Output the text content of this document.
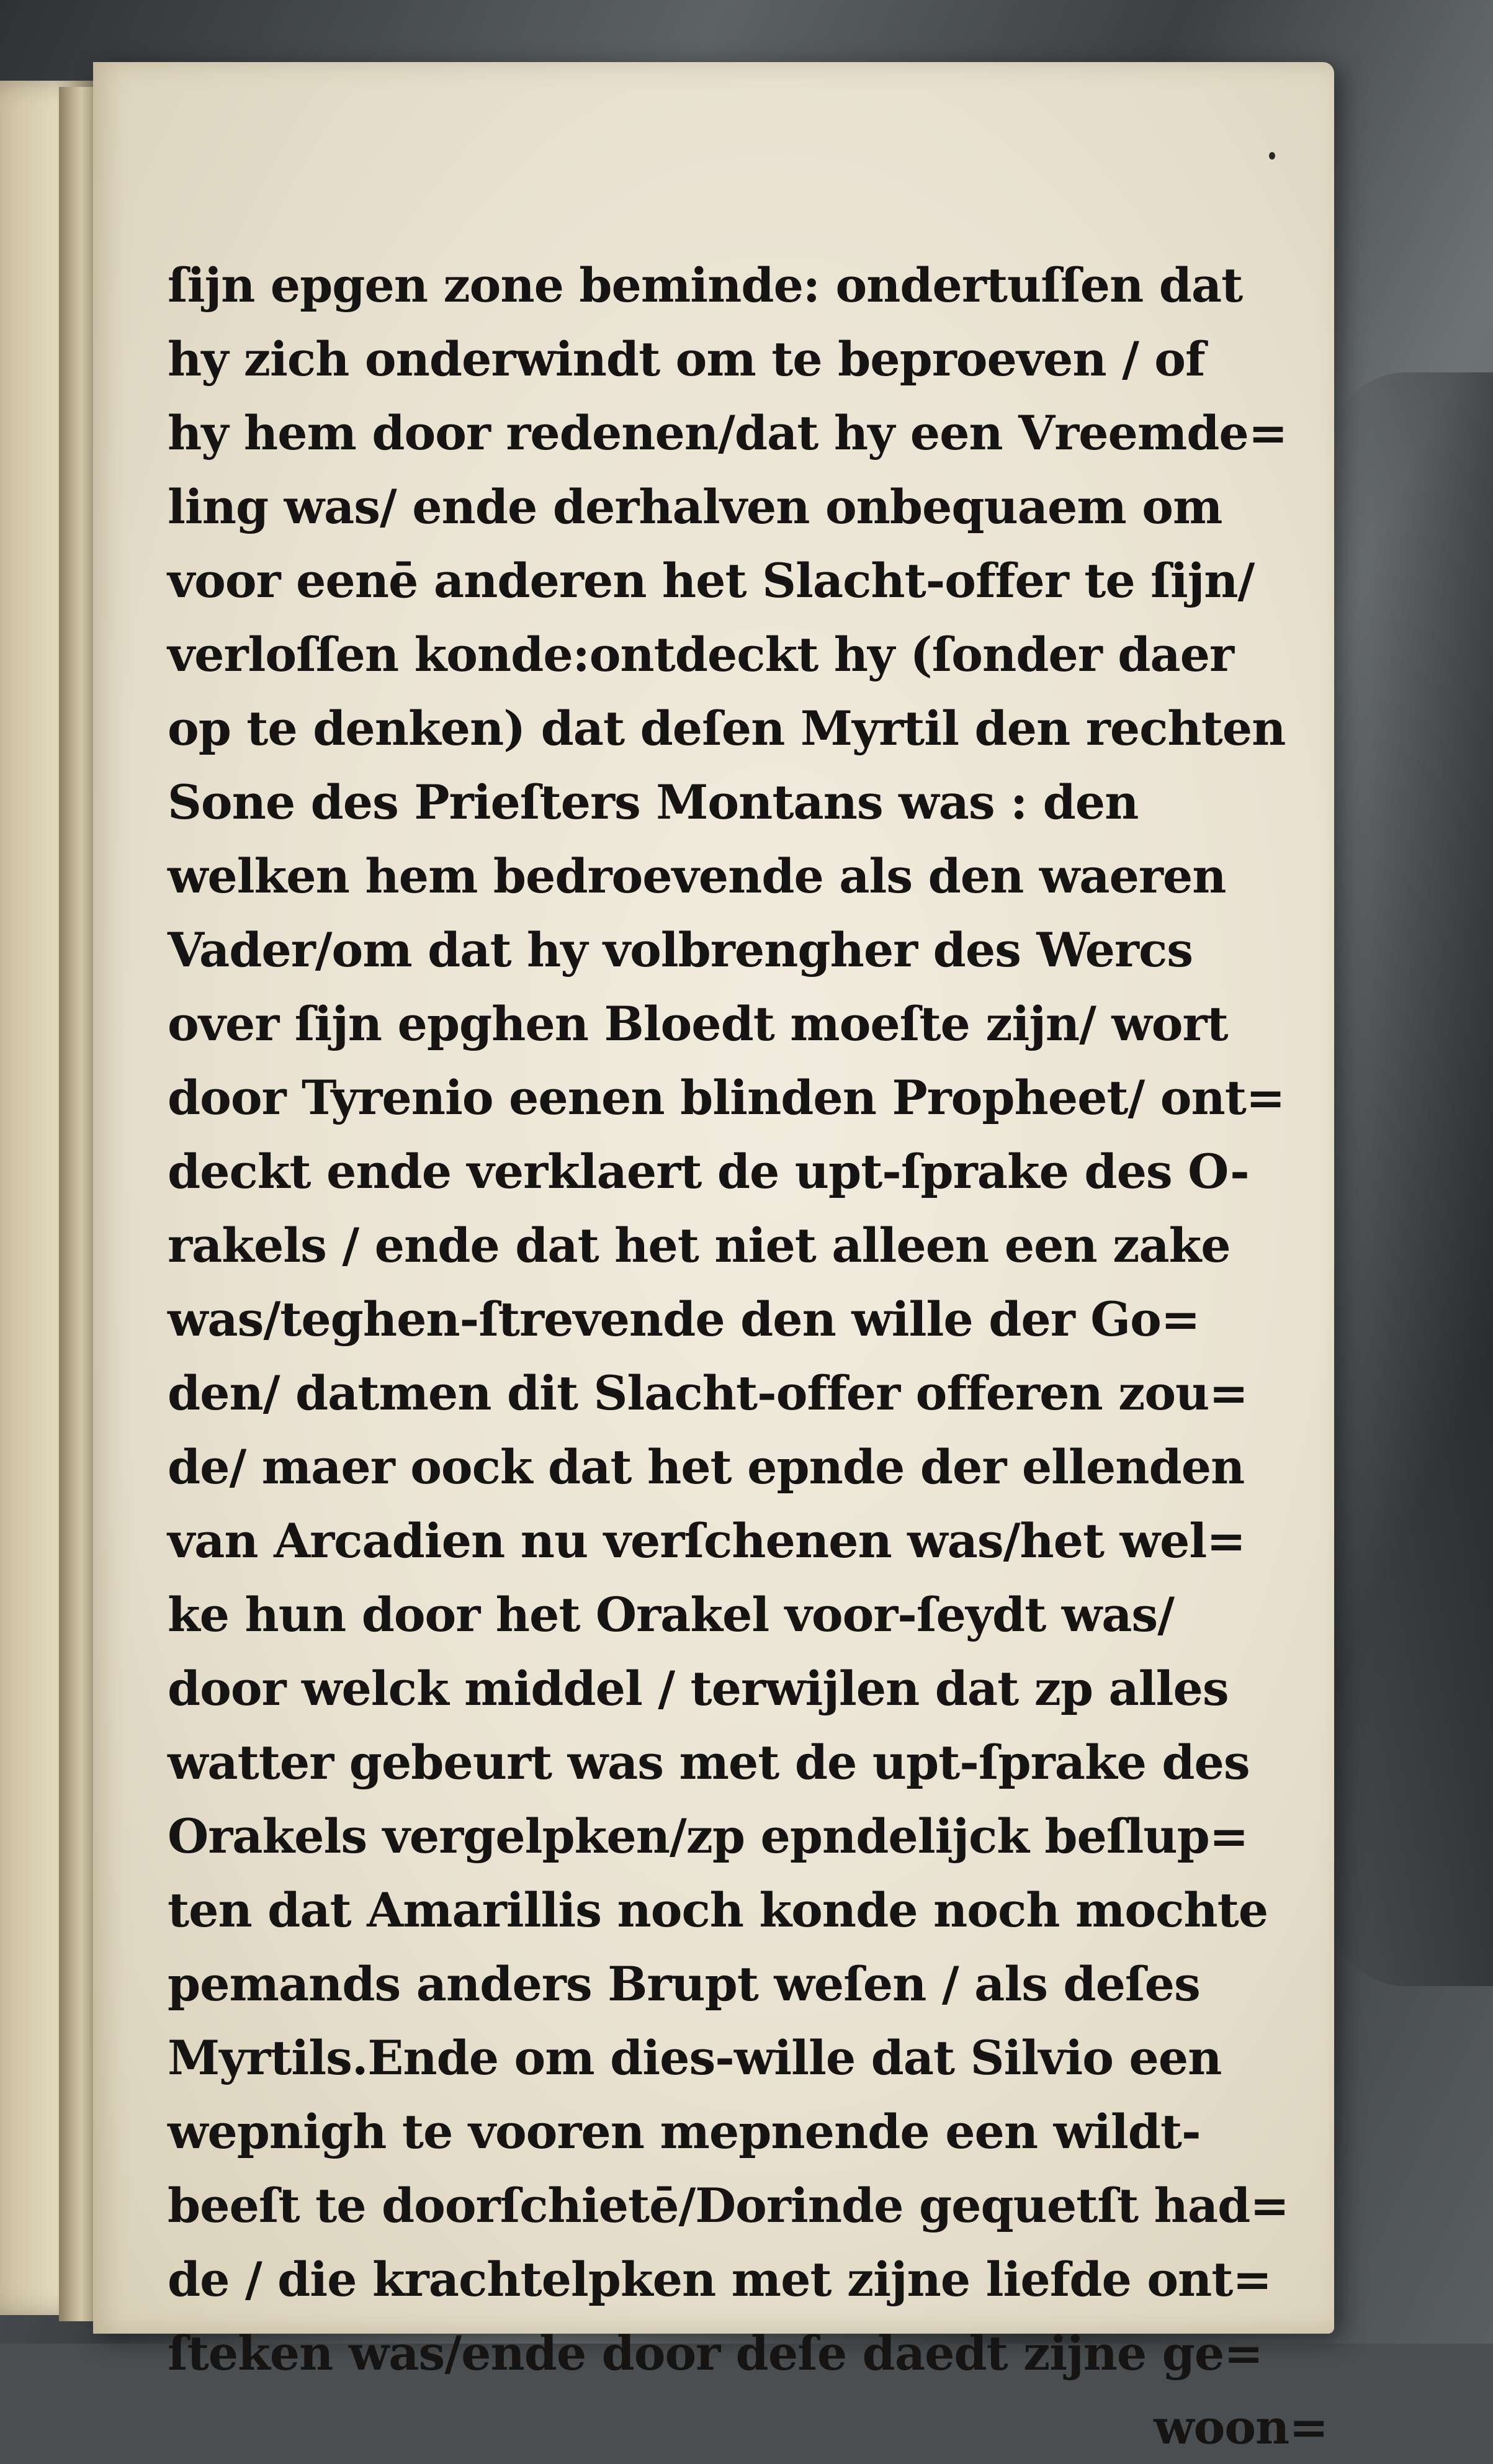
ſijn epgen zone beminde: ondertuſſen dat
hy zich onderwindt om te beproeven / of
hy hem door redenen/dat hy een Vreemde=
ling was/ ende derhalven onbequaem om
voor eenē anderen het Slacht-offer te ſijn/
verloſſen konde:ontdeckt hy (ſonder daer
op te denken) dat deſen Myrtil den rechten
Sone des Prieſters Montans was : den
welken hem bedroevende als den waeren
Vader/om dat hy volbrengher des Wercs
over ſijn epghen Bloedt moeſte zijn/ wort
door Tyrenio eenen blinden Propheet/ ont=
deckt ende verklaert de upt-ſprake des O-
rakels / ende dat het niet alleen een zake
was/teghen-ſtrevende den wille der Go=
den/ datmen dit Slacht-offer offeren zou=
de/ maer oock dat het epnde der ellenden
van Arcadien nu verſchenen was/het wel=
ke hun door het Orakel voor-ſeydt was/
door welck middel / terwijlen dat zp alles
watter gebeurt was met de upt-ſprake des
Orakels vergelpken/zp epndelijck beſlup=
ten dat Amarillis noch konde noch mochte
pemands anders Brupt weſen / als deſes
Myrtils.Ende om dies-wille dat Silvio een
wepnigh te vooren mepnende een wildt-
beeſt te doorſchietē/Dorinde gequetſt had=
de / die krachtelpken met zijne liefde ont=
ſteken was/ende door deſe daedt zijne ge=
woon=
